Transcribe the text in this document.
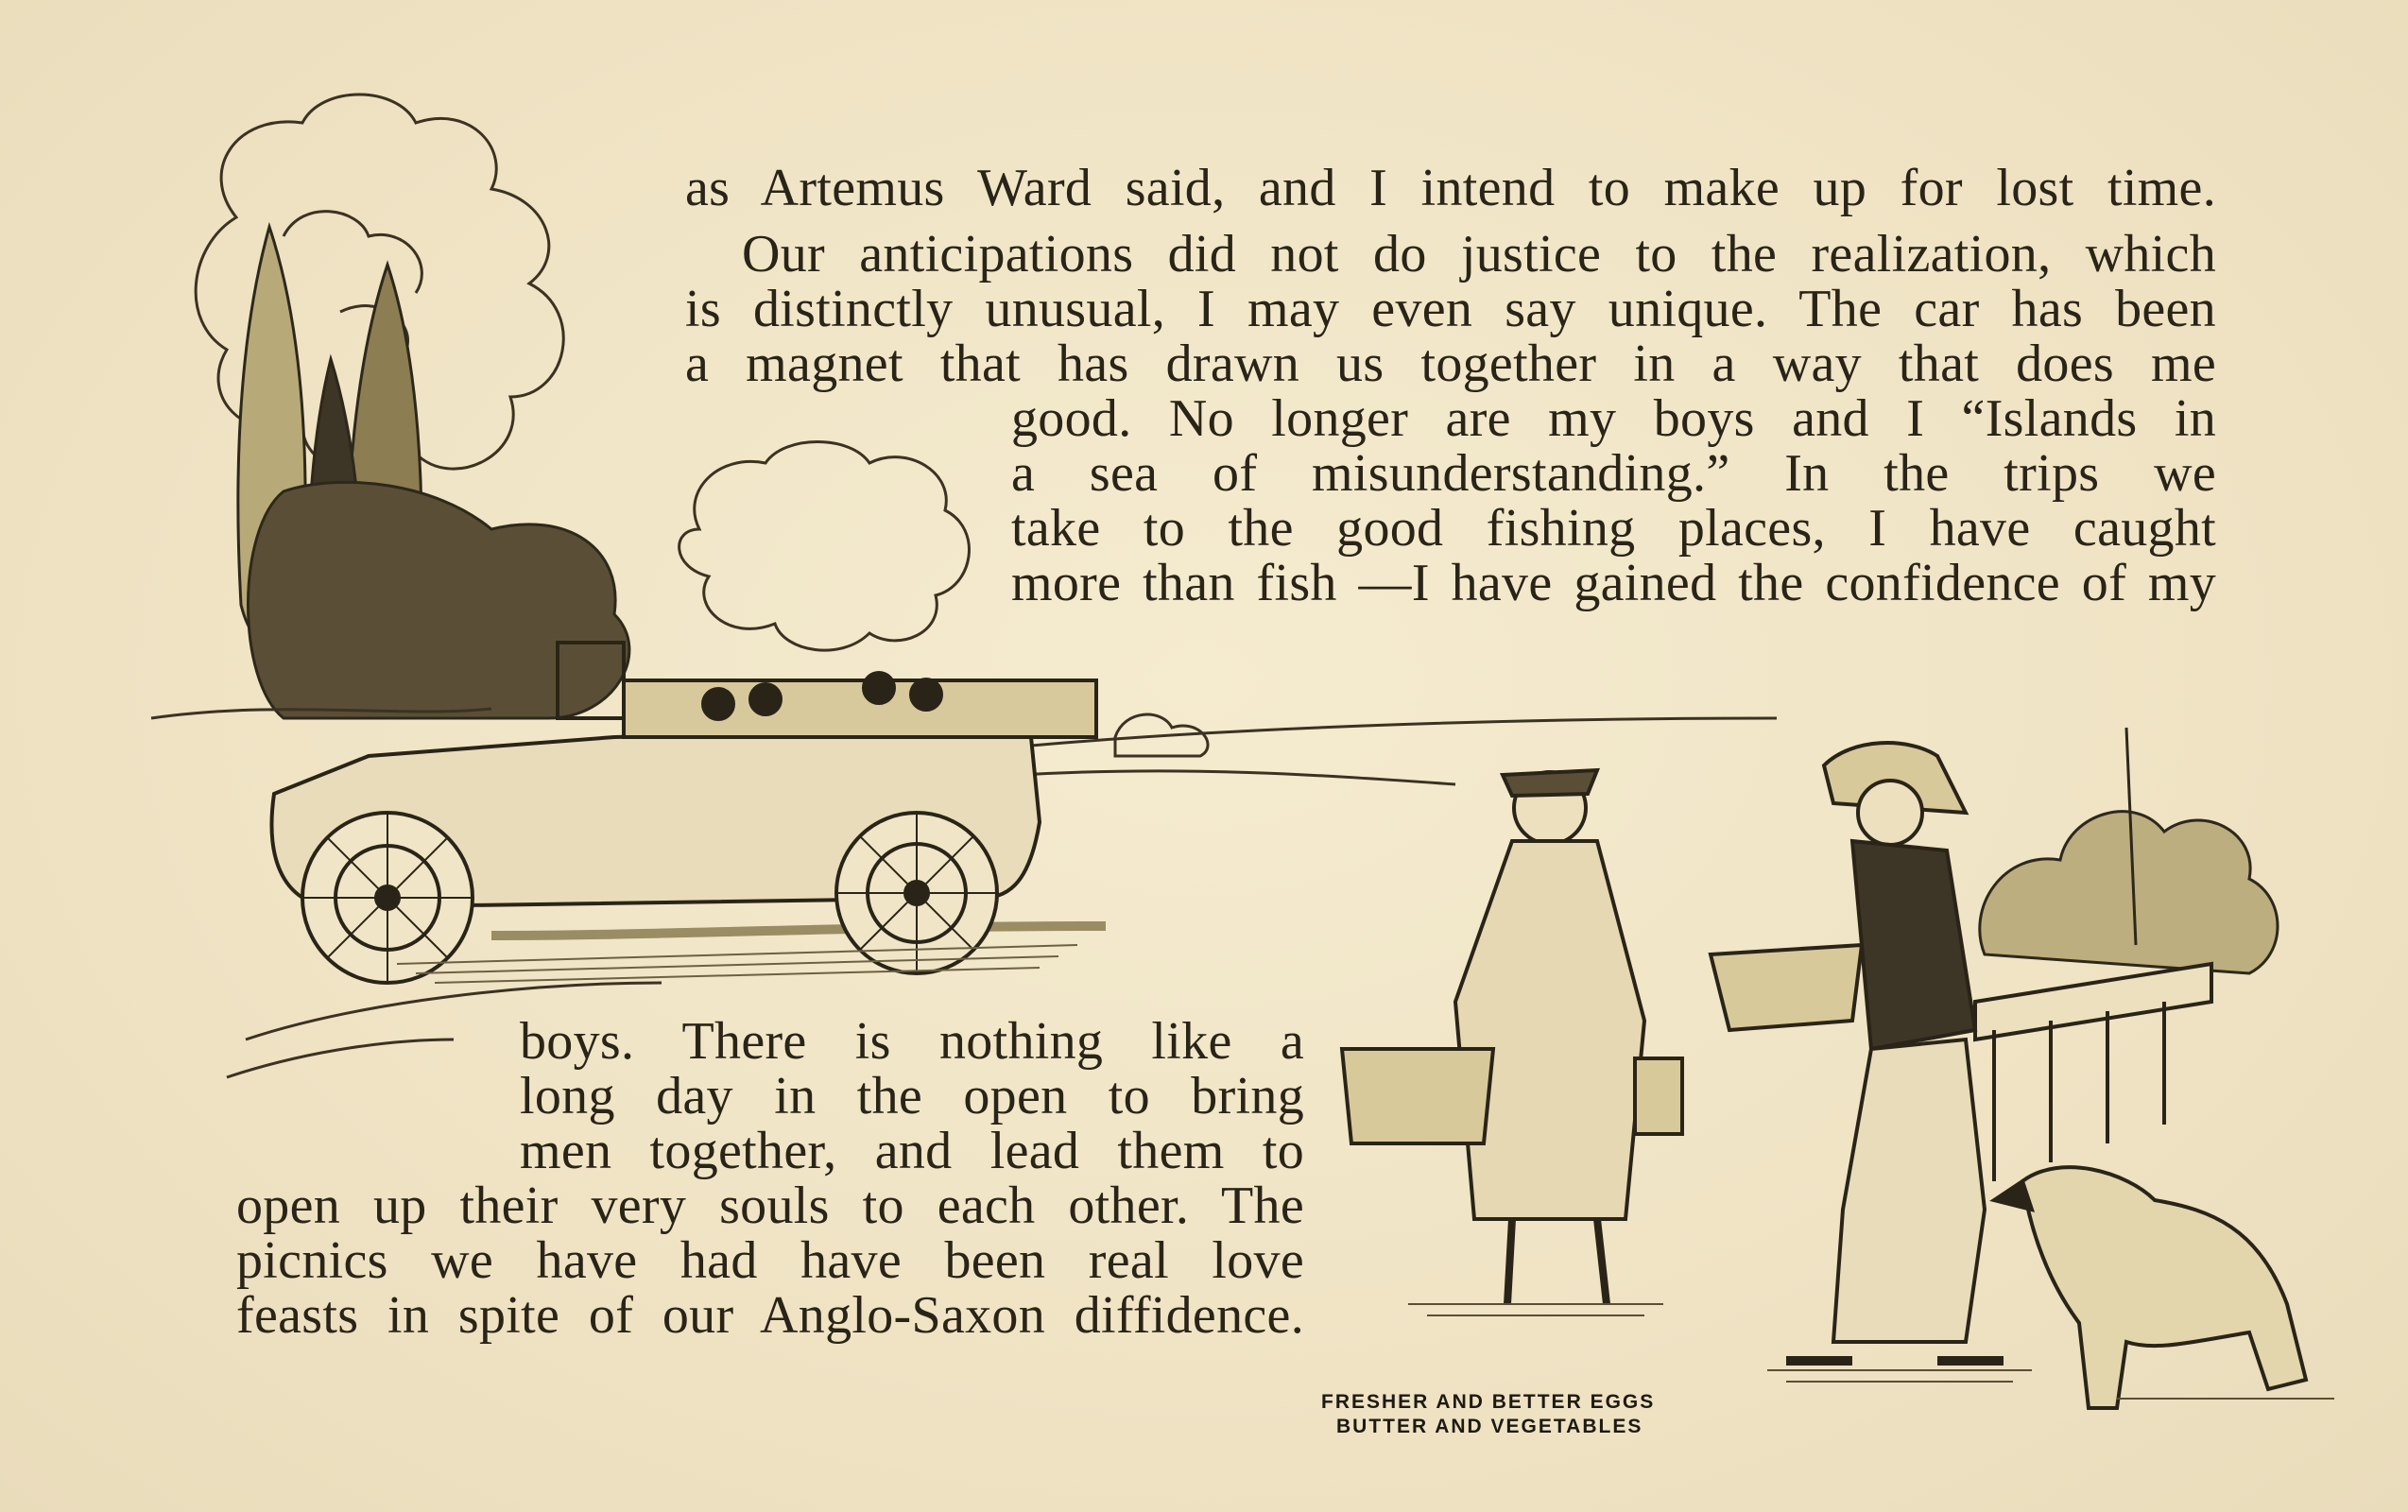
as Artemus Ward said, and I intend to make up for lost time.
Our anticipations did not do justice to the realization, which
is distinctly unusual, I may even say unique. The car has been
a magnet that has drawn us together in a way that does me
good. No longer are my boys and I “Islands in
a sea of misunderstanding.” In the trips we
take to the good fishing places, I have caught
more than fish —I have gained the confidence of my
boys. There is nothing like a
long day in the open to bring
men together, and lead them to
open up their very souls to each other. The
picnics we have had have been real love
feasts in spite of our Anglo-Saxon diffidence.
FRESHER AND BETTER EGGS
BUTTER AND VEGETABLES
